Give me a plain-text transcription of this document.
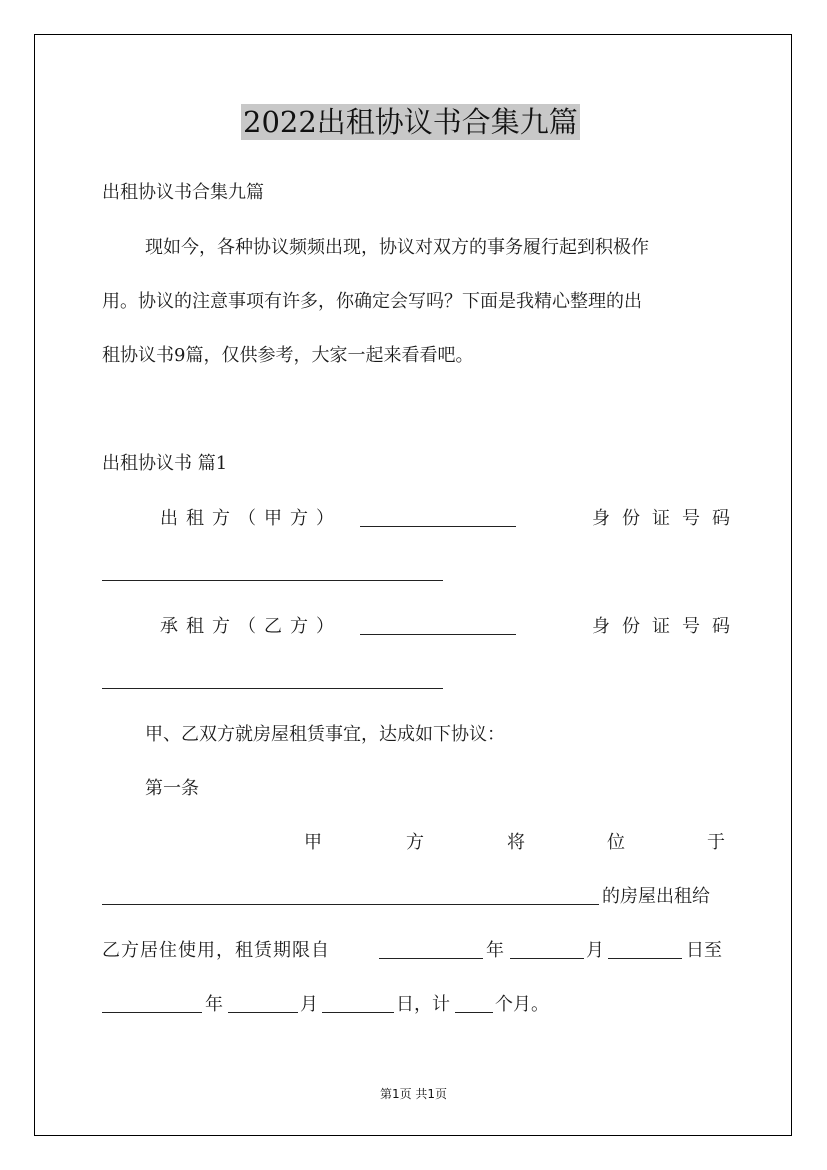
2022出租协议书合集九篇
出租协议书合集九篇
现如今，各种协议频频出现，协议对双方的事务履行起到积极作
用。协议的注意事项有许多，你确定会写吗？下面是我精心整理的出
租协议书9篇，仅供参考，大家一起来看看吧。
出租协议书 篇1
出租方（甲方）	身份证号码
承租方（乙方）	身份证号码
甲、乙双方就房屋租赁事宜，达成如下协议：
第一条
甲	方	将	位	于
的房屋出租给
乙方居住使用，租赁期限自	年	月	日至
年	月	日，计	个月。
第1页 共1页
